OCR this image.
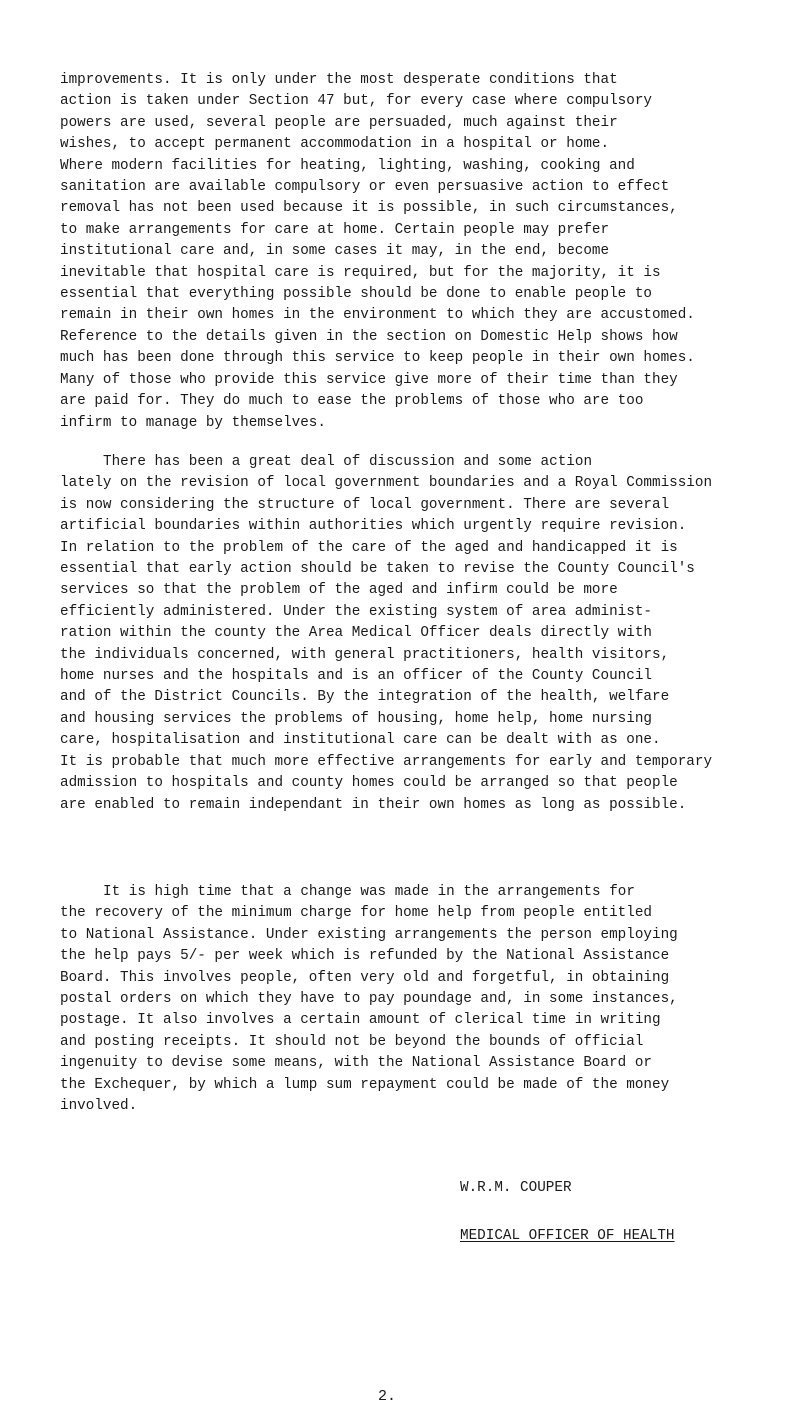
improvements. It is only under the most desperate conditions that
action is taken under Section 47 but, for every case where compulsory
powers are used, several people are persuaded, much against their
wishes, to accept permanent accommodation in a hospital or home.
Where modern facilities for heating, lighting, washing, cooking and
sanitation are available compulsory or even persuasive action to effect
removal has not been used because it is possible, in such circumstances,
to make arrangements for care at home. Certain people may prefer
institutional care and, in some cases it may, in the end, become
inevitable that hospital care is required, but for the majority, it is
essential that everything possible should be done to enable people to
remain in their own homes in the environment to which they are accustomed.
Reference to the details given in the section on Domestic Help shows how
much has been done through this service to keep people in their own homes.
Many of those who provide this service give more of their time than they
are paid for. They do much to ease the problems of those who are too
infirm to manage by themselves.
There has been a great deal of discussion and some action
lately on the revision of local government boundaries and a Royal Commission
is now considering the structure of local government. There are several
artificial boundaries within authorities which urgently require revision.
In relation to the problem of the care of the aged and handicapped it is
essential that early action should be taken to revise the County Council's
services so that the problem of the aged and infirm could be more
efficiently administered. Under the existing system of area administ-
ration within the county the Area Medical Officer deals directly with
the individuals concerned, with general practitioners, health visitors,
home nurses and the hospitals and is an officer of the County Council
and of the District Councils. By the integration of the health, welfare
and housing services the problems of housing, home help, home nursing
care, hospitalisation and institutional care can be dealt with as one.
It is probable that much more effective arrangements for early and temporary
admission to hospitals and county homes could be arranged so that people
are enabled to remain independant in their own homes as long as possible.
It is high time that a change was made in the arrangements for
the recovery of the minimum charge for home help from people entitled
to National Assistance. Under existing arrangements the person employing
the help pays 5/- per week which is refunded by the National Assistance
Board. This involves people, often very old and forgetful, in obtaining
postal orders on which they have to pay poundage and, in some instances,
postage. It also involves a certain amount of clerical time in writing
and posting receipts. It should not be beyond the bounds of official
ingenuity to devise some means, with the National Assistance Board or
the Exchequer, by which a lump sum repayment could be made of the money
involved.
W.R.M. COUPER
MEDICAL OFFICER OF HEALTH
2.
